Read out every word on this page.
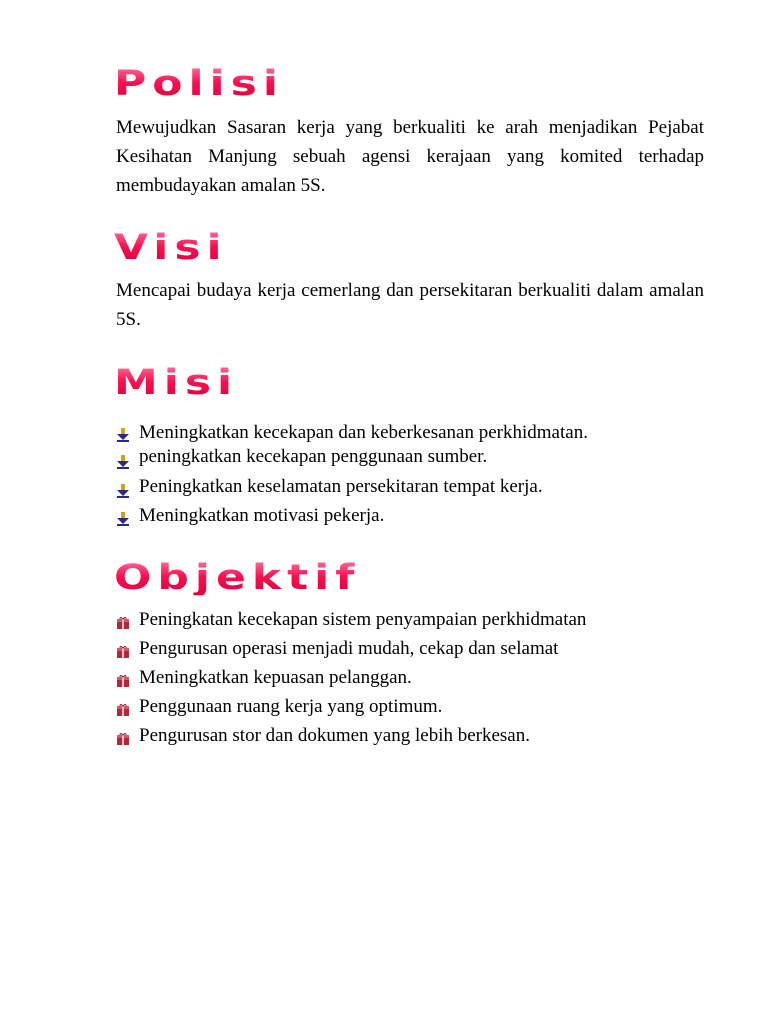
Polisi

Mewujudkan Sasaran kerja yang berkualiti ke arah menjadikan Pejabat Kesihatan Manjung sebuah agensi kerajaan yang komited terhadap membudayakan amalan 5S.

Visi

Mencapai budaya kerja cemerlang dan persekitaran berkualiti dalam amalan 5S.

Misi
Meningkatkan kecekapan dan keberkesanan perkhidmatan.
peningkatkan kecekapan penggunaan sumber.
Peningkatkan keselamatan persekitaran tempat kerja.
Meningkatkan motivasi pekerja.
Objektif
Peningkatan kecekapan sistem penyampaian perkhidmatan
Pengurusan operasi menjadi mudah, cekap dan selamat
Meningkatkan kepuasan pelanggan.
Penggunaan ruang kerja yang optimum.
Pengurusan stor dan dokumen yang lebih berkesan.
